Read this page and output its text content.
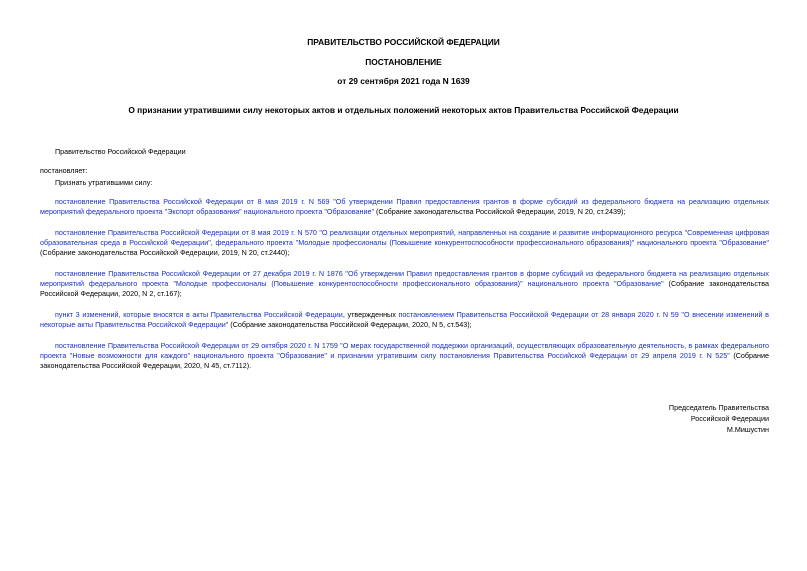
ПРАВИТЕЛЬСТВО РОССИЙСКОЙ ФЕДЕРАЦИИ
ПОСТАНОВЛЕНИЕ
от 29 сентября 2021 года N 1639
О признании утратившими силу некоторых актов и отдельных положений некоторых актов Правительства Российской Федерации
Правительство Российской Федерации
постановляет:
Признать утратившими силу:
постановление Правительства Российской Федерации от 8 мая 2019 г. N 569 "Об утверждении Правил предоставления грантов в форме субсидий из федерального бюджета на реализацию отдельных мероприятий федерального проекта "Экспорт образования" национального проекта "Образование" (Собрание законодательства Российской Федерации, 2019, N 20, ст.2439);
постановление Правительства Российской Федерации от 8 мая 2019 г. N 570 "О реализации отдельных мероприятий, направленных на создание и развитие информационного ресурса "Современная цифровая образовательная среда в Российской Федерации", федерального проекта "Молодые профессионалы (Повышение конкурентоспособности профессионального образования)" национального проекта "Образование" (Собрание законодательства Российской Федерации, 2019, N 20, ст.2440);
постановление Правительства Российской Федерации от 27 декабря 2019 г. N 1876 "Об утверждении Правил предоставления грантов в форме субсидий из федерального бюджета на реализацию отдельных мероприятий федерального проекта "Молодые профессионалы (Повышение конкурентоспособности профессионального образования)" национального проекта "Образование" (Собрание законодательства Российской Федерации, 2020, N 2, ст.167);
пункт 3 изменений, которые вносятся в акты Правительства Российской Федерации, утвержденных постановлением Правительства Российской Федерации от 28 января 2020 г. N 59 "О внесении изменений в некоторые акты Правительства Российской Федерации" (Собрание законодательства Российской Федерации, 2020, N 5, ст.543);
постановление Правительства Российской Федерации от 29 октября 2020 г. N 1759 "О мерах государственной поддержки организаций, осуществляющих образовательную деятельность, в рамках федерального проекта "Новые возможности для каждого" национального проекта "Образование" и признании утратившим силу постановления Правительства Российской Федерации от 29 апреля 2019 г. N 525" (Собрание законодательства Российской Федерации, 2020, N 45, ст.7112).
Председатель Правительства
Российской Федерации
М.Мишустин
